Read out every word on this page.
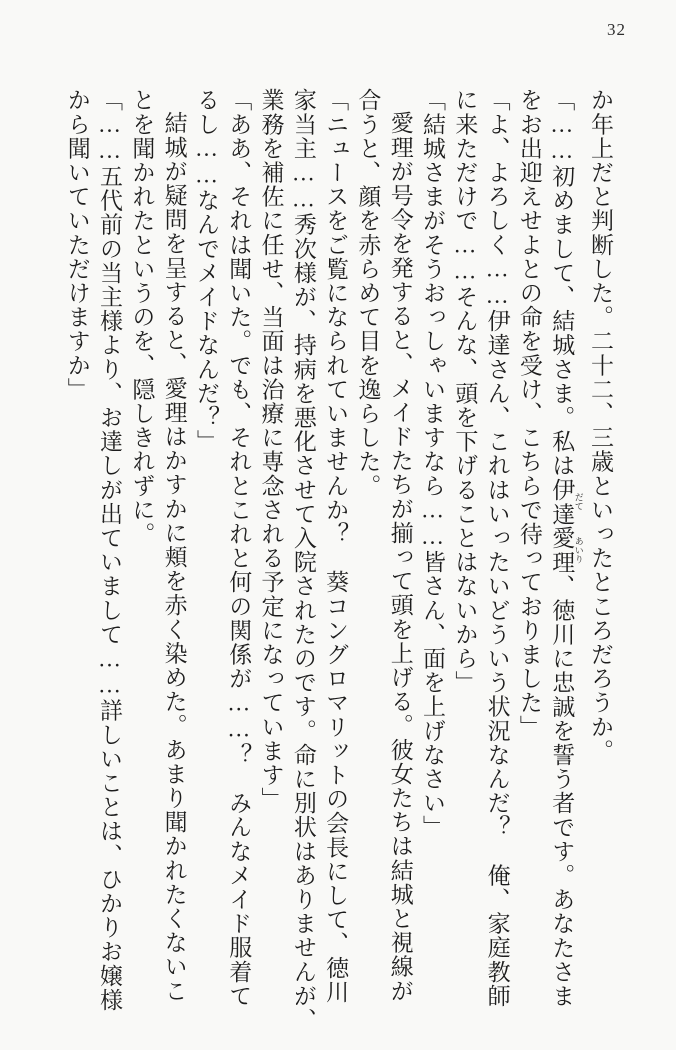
32
か年上だと判断した。二十二、三歳といったところだろうか。
「……初めまして、結城さま。私は伊達 だて愛理 あいり、徳川に忠誠を誓う者です。あなたさま
をお出迎えせよとの命を受け、こちらで待っておりました」
「よ、よろしく……伊達さん、これはいったいどういう状況なんだ？　俺、家庭教師
に来ただけで……そんな、頭を下げることはないから」
「結城さまがそうおっしゃいますなら……皆さん、面を上げなさい」
愛理が号令を発すると、メイドたちが揃って頭を上げる。彼女たちは結城と視線が
合うと、顔を赤らめて目を逸らした。
「ニュースをご覧になられていませんか？　葵コングロマリットの会長にして、徳川
家当主……秀次様が、持病を悪化させて入院されたのです。命に別状はありませんが、
業務を補佐に任せ、当面は治療に専念される予定になっています」
「ああ、それは聞いた。でも、それとこれと何の関係が……？　みんなメイド服着て
るし……なんでメイドなんだ？」
結城が疑問を呈すると、愛理はかすかに頬を赤く染めた。あまり聞かれたくないこ
とを聞かれたというのを、隠しきれずに。
「……五代前の当主様より、お達しが出ていまして……詳しいことは、ひかりお嬢様
から聞いていただけますか」
